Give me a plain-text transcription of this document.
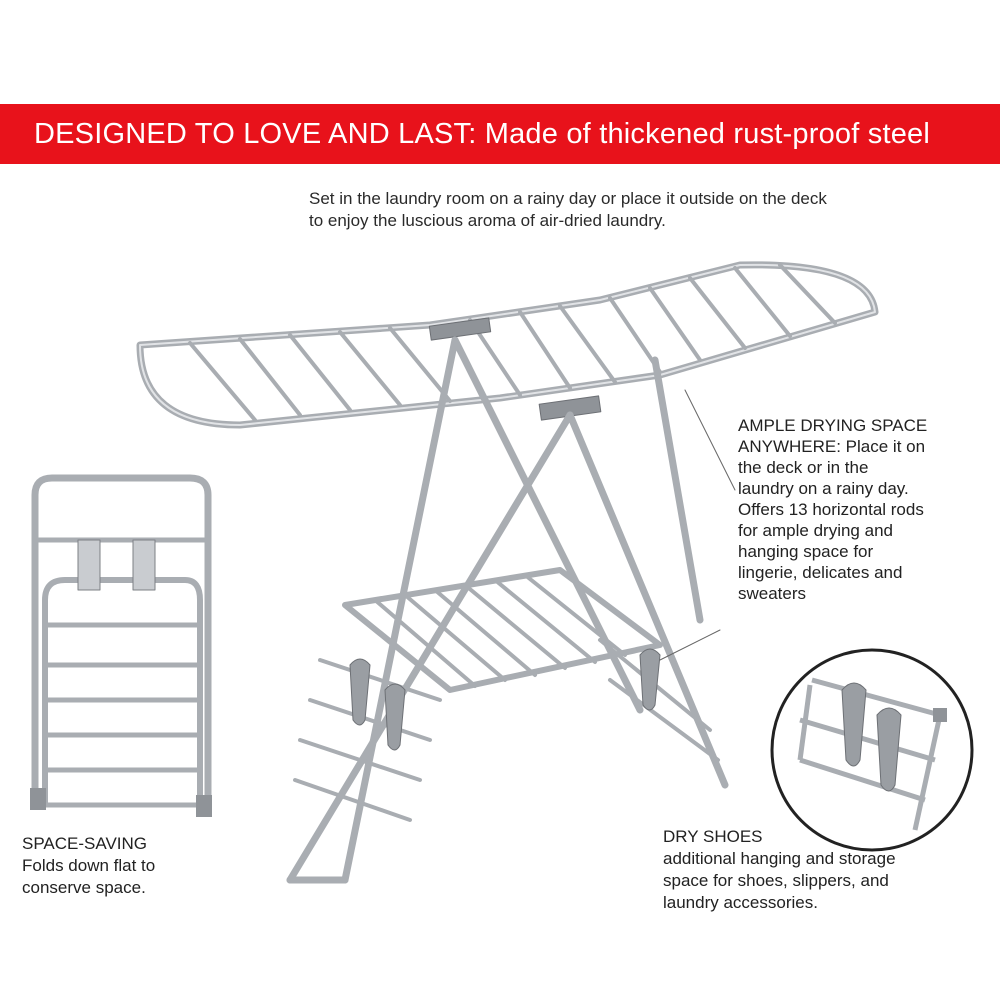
DESIGNED TO LOVE AND LAST: Made of thickened rust-proof steel
Set in the laundry room on a rainy day or place it outside on the deck
to enjoy the luscious aroma of air-dried laundry.
AMPLE DRYING SPACE
ANYWHERE: Place it on
the deck or in the
laundry on a rainy day.
Offers 13 horizontal rods
for ample drying and
hanging space for
lingerie, delicates and
sweaters
SPACE-SAVING
Folds down flat to
conserve space.
DRY SHOES
additional hanging and storage
space for shoes, slippers, and
laundry accessories.
